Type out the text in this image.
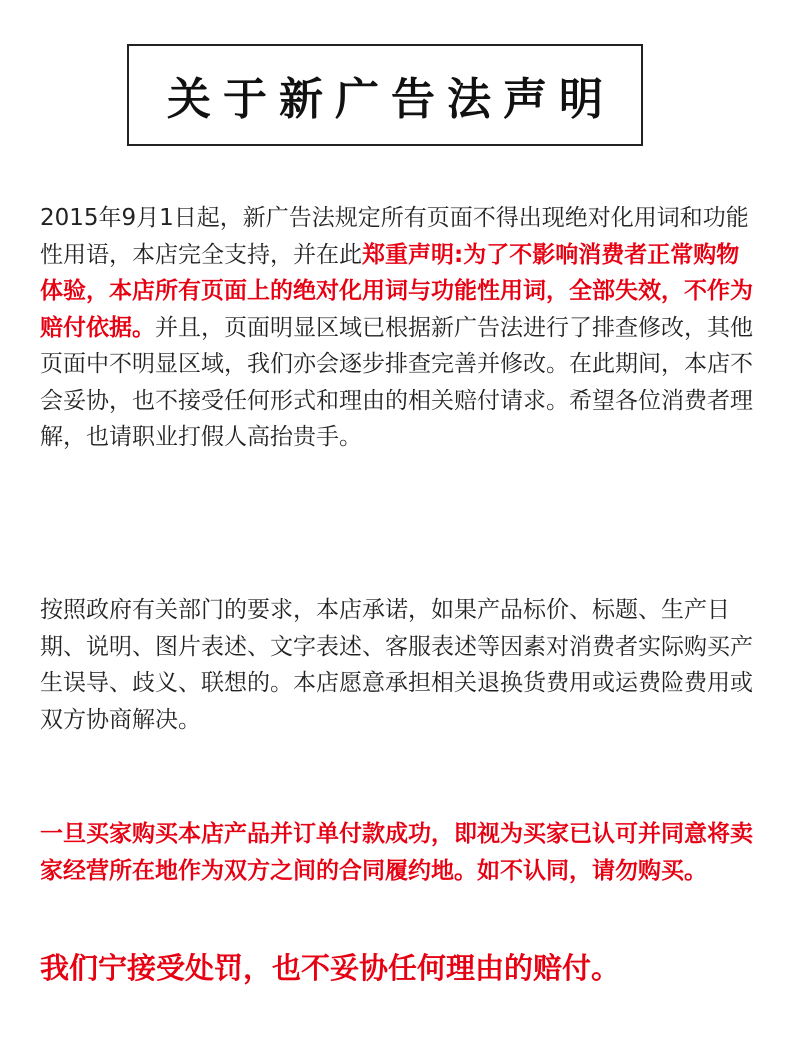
关于新广告法声明

2015年9月1日起，新广告法规定所有页面不得出现绝对化用词和功能性用语，本店完全支持，并在此郑重声明:为了不影响消费者正常购物体验，本店所有页面上的绝对化用词与功能性用词，全部失效，不作为赔付依据。并且，页面明显区域已根据新广告法进行了排查修改，其他页面中不明显区域，我们亦会逐步排查完善并修改。在此期间，本店不会妥协，也不接受任何形式和理由的相关赔付请求。希望各位消费者理解，也请职业打假人高抬贵手。

按照政府有关部门的要求，本店承诺，如果产品标价、标题、生产日期、说明、图片表述、文字表述、客服表述等因素对消费者实际购买产生误导、歧义、联想的。本店愿意承担相关退换货费用或运费险费用或双方协商解决。

一旦买家购买本店产品并订单付款成功，即视为买家已认可并同意将卖家经营所在地作为双方之间的合同履约地。如不认同，请勿购买。

我们宁接受处罚，也不妥协任何理由的赔付。
